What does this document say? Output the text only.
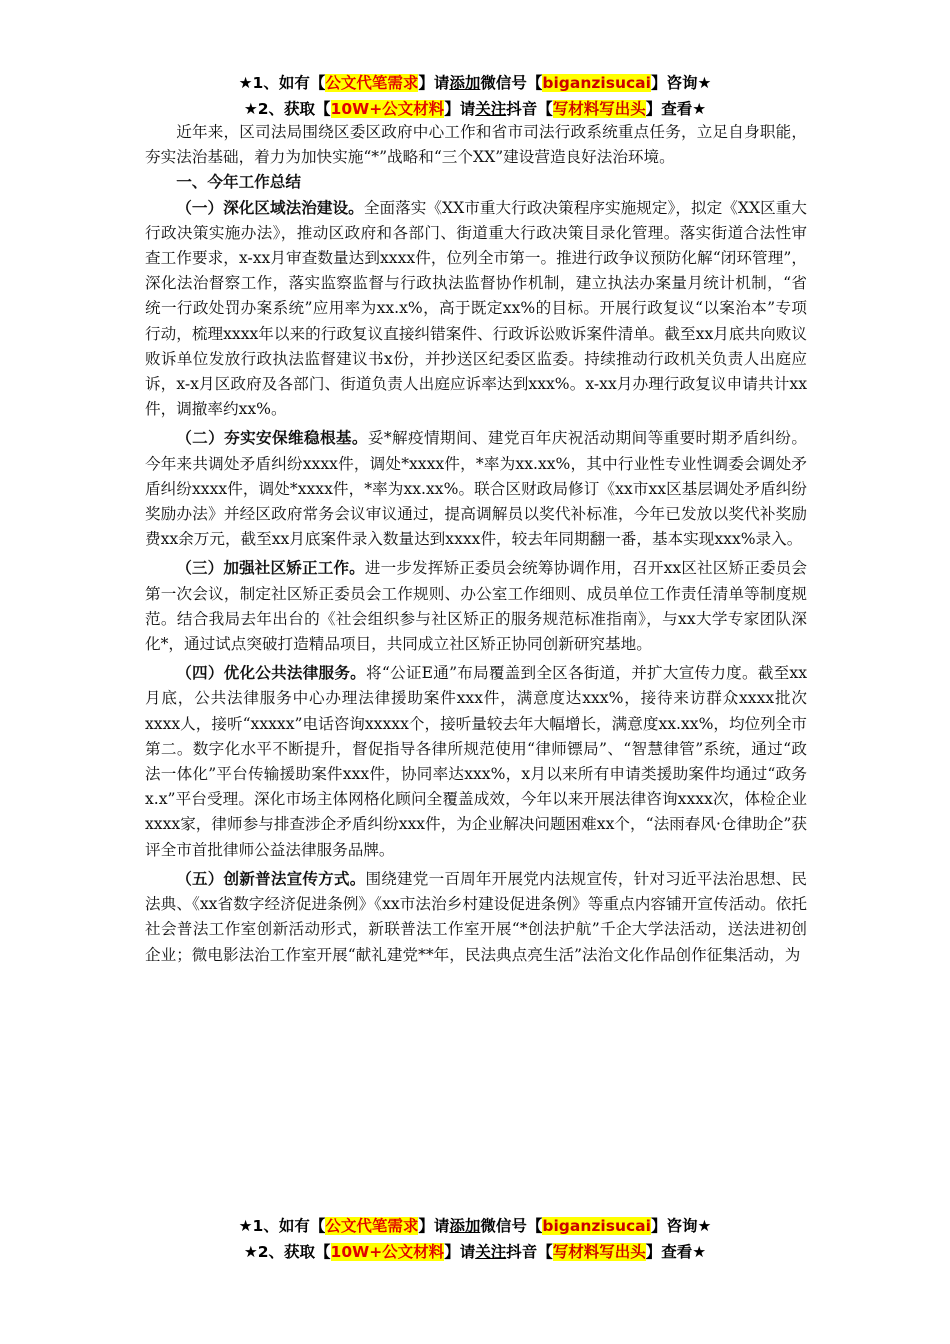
★1、如有【公文代笔需求】请添加微信号【biganzisucai】咨询★
★2、获取【10W+公文材料】请关注抖音【写材料写出头】查看★

近年来，区司法局围绕区委区政府中心工作和省市司法行政系统重点任务，立足自身职能，夯实法治基础，着力为加快实施“*”战略和“三个XX”建设营造良好法治环境。

一、今年工作总结

（一）深化区域法治建设。全面落实《XX市重大行政决策程序实施规定》，拟定《XX区重大行政决策实施办法》，推动区政府和各部门、街道重大行政决策目录化管理。落实街道合法性审查工作要求，x-xx月审查数量达到xxxx件，位列全市第一。推进行政争议预防化解“闭环管理”，深化法治督察工作，落实监察监督与行政执法监督协作机制，建立执法办案量月统计机制，“省统一行政处罚办案系统”应用率为xx.x%，高于既定xx%的目标。开展行政复议“以案治本”专项行动，梳理xxxx年以来的行政复议直接纠错案件、行政诉讼败诉案件清单。截至xx月底共向败议败诉单位发放行政执法监督建议书x份，并抄送区纪委区监委。持续推动行政机关负责人出庭应诉，x-x月区政府及各部门、街道负责人出庭应诉率达到xxx%。x-xx月办理行政复议申请共计xx件，调撤率约xx%。

（二）夯实安保维稳根基。妥*解疫情期间、建党百年庆祝活动期间等重要时期矛盾纠纷。今年来共调处矛盾纠纷xxxx件，调处*xxxx件，*率为xx.xx%，其中行业性专业性调委会调处矛盾纠纷xxxx件，调处*xxxx件，*率为xx.xx%。联合区财政局修订《xx市xx区基层调处矛盾纠纷奖励办法》并经区政府常务会议审议通过，提高调解员以奖代补标准，今年已发放以奖代补奖励费xx余万元，截至xx月底案件录入数量达到xxxx件，较去年同期翻一番，基本实现xxx%录入。

（三）加强社区矫正工作。进一步发挥矫正委员会统筹协调作用，召开xx区社区矫正委员会第一次会议，制定社区矫正委员会工作规则、办公室工作细则、成员单位工作责任清单等制度规范。结合我局去年出台的《社会组织参与社区矫正的服务规范标准指南》，与xx大学专家团队深化*，通过试点突破打造精品项目，共同成立社区矫正协同创新研究基地。

（四）优化公共法律服务。将“公证E通”布局覆盖到全区各街道，并扩大宣传力度。截至xx月底，公共法律服务中心办理法律援助案件xxx件，满意度达xxx%，接待来访群众xxxx批次xxxx人，接听“xxxxx”电话咨询xxxxx个，接听量较去年大幅增长，满意度xx.xx%，均位列全市第二。数字化水平不断提升，督促指导各律所规范使用“律师镖局”、“智慧律管”系统，通过“政法一体化”平台传输援助案件xxx件，协同率达xxx%，x月以来所有申请类援助案件均通过“政务x.x”平台受理。深化市场主体网格化顾问全覆盖成效，今年以来开展法律咨询xxxx次，体检企业xxxx家，律师参与排查涉企矛盾纠纷xxx件，为企业解决问题困难xx个，“法雨春风·仓律助企”获评全市首批律师公益法律服务品牌。

（五）创新普法宣传方式。围绕建党一百周年开展党内法规宣传，针对习近平法治思想、民法典、《xx省数字经济促进条例》《xx市法治乡村建设促进条例》等重点内容铺开宣传活动。依托社会普法工作室创新活动形式，新联普法工作室开展“*创法护航”千企大学法活动，送法进初创企业；微电影法治工作室开展“献礼建党**年，民法典点亮生活”法治文化作品创作征集活动，为

★1、如有【公文代笔需求】请添加微信号【biganzisucai】咨询★
★2、获取【10W+公文材料】请关注抖音【写材料写出头】查看★
